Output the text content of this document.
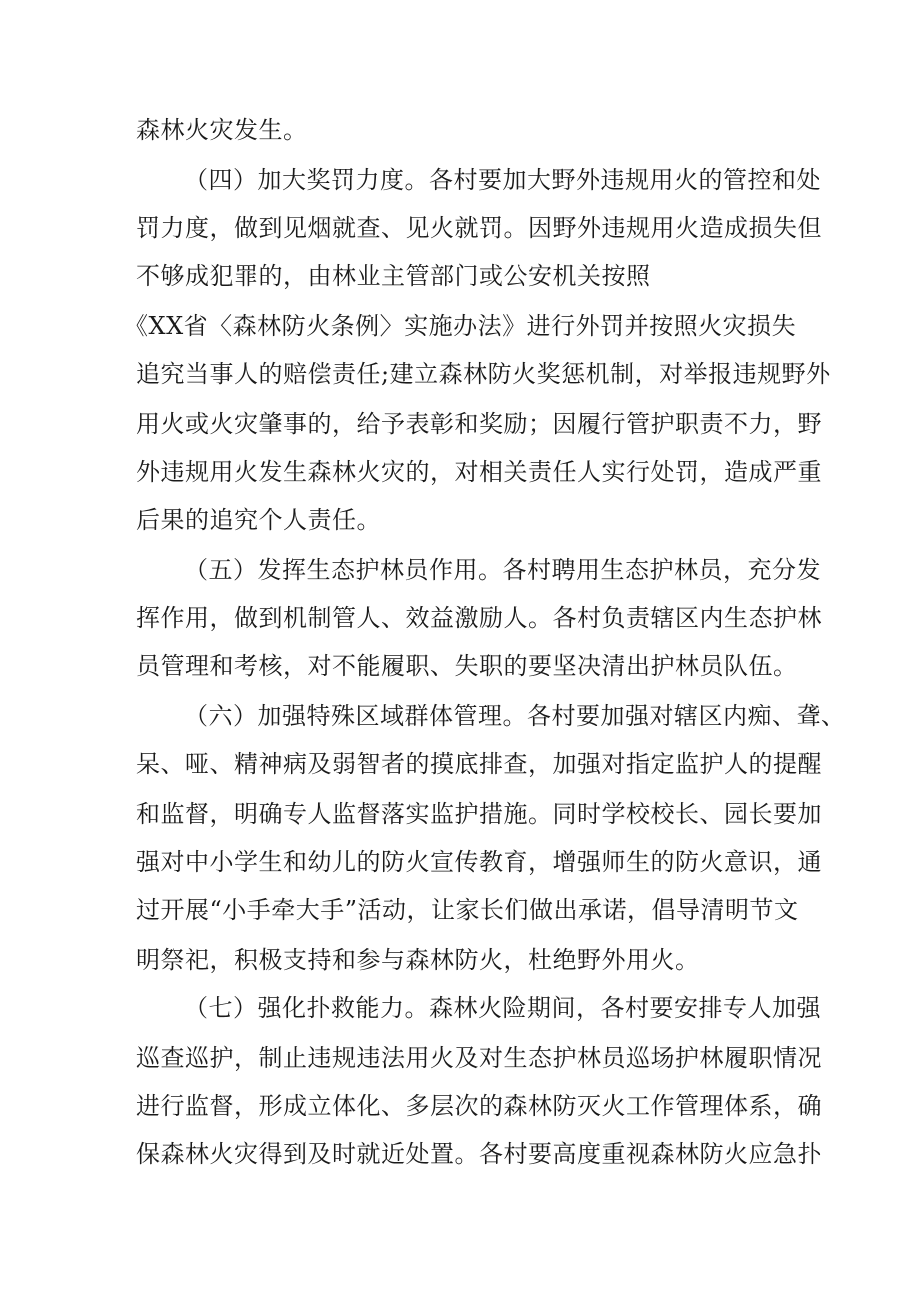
森林火灾发生。
（四）加大奖罚力度。各村要加大野外违规用火的管控和处
罚力度，做到见烟就查、见火就罚。因野外违规用火造成损失但
不够成犯罪的，由林业主管部门或公安机关按照
《XX省〈森林防火条例〉实施办法》进行外罚并按照火灾损失
追究当事人的赔偿责任;建立森林防火奖惩机制，对举报违规野外
用火或火灾肇事的，给予表彰和奖励；因履行管护职责不力，野
外违规用火发生森林火灾的，对相关责任人实行处罚，造成严重
后果的追究个人责任。
（五）发挥生态护林员作用。各村聘用生态护林员，充分发
挥作用，做到机制管人、效益激励人。各村负责辖区内生态护林
员管理和考核，对不能履职、失职的要坚决清出护林员队伍。
（六）加强特殊区域群体管理。各村要加强对辖区内痴、聋、
呆、哑、精神病及弱智者的摸底排查，加强对指定监护人的提醒
和监督，明确专人监督落实监护措施。同时学校校长、园长要加
强对中小学生和幼儿的防火宣传教育，增强师生的防火意识，通
过开展“小手牵大手”活动，让家长们做出承诺，倡导清明节文
明祭祀，积极支持和参与森林防火，杜绝野外用火。
（七）强化扑救能力。森林火险期间，各村要安排专人加强
巡查巡护，制止违规违法用火及对生态护林员巡场护林履职情况
进行监督，形成立体化、多层次的森林防灭火工作管理体系，确
保森林火灾得到及时就近处置。各村要高度重视森林防火应急扑
